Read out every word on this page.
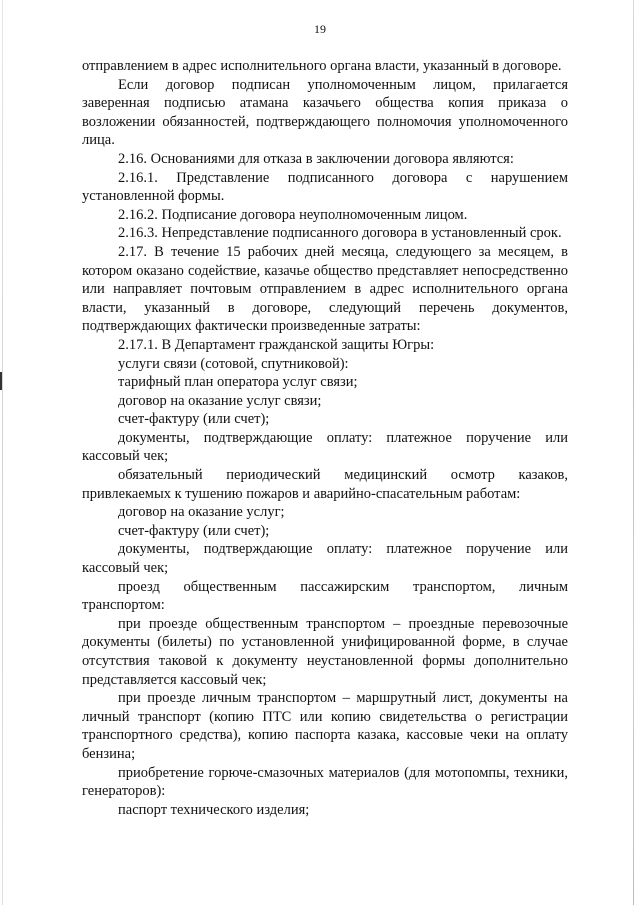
19

отправлением в адрес исполнительного органа власти, указанный в договоре.

Если договор подписан уполномоченным лицом, прилагается заверенная подписью атамана казачьего общества копия приказа о возложении обязанностей, подтверждающего полномочия уполномоченного лица.

2.16. Основаниями для отказа в заключении договора являются:

2.16.1. Представление подписанного договора с нарушением установленной формы.

2.16.2. Подписание договора неуполномоченным лицом.

2.16.3. Непредставление подписанного договора в установленный срок.

2.17. В течение 15 рабочих дней месяца, следующего за месяцем, в котором оказано содействие, казачье общество представляет непосредственно или направляет почтовым отправлением в адрес исполнительного органа власти, указанный в договоре, следующий перечень документов, подтверждающих фактически произведенные затраты:

2.17.1. В Департамент гражданской защиты Югры:

услуги связи (сотовой, спутниковой):

тарифный план оператора услуг связи;

договор на оказание услуг связи;

счет-фактуру (или счет);

документы, подтверждающие оплату: платежное поручение или кассовый чек;

обязательный периодический медицинский осмотр казаков, привлекаемых к тушению пожаров и аварийно-спасательным работам:

договор на оказание услуг;

счет-фактуру (или счет);

документы, подтверждающие оплату: платежное поручение или кассовый чек;

проезд общественным пассажирским транспортом, личным транспортом:

при проезде общественным транспортом – проездные перевозочные документы (билеты) по установленной унифицированной форме, в случае отсутствия таковой к документу неустановленной формы дополнительно представляется кассовый чек;

при проезде личным транспортом – маршрутный лист, документы на личный транспорт (копию ПТС или копию свидетельства о регистрации транспортного средства), копию паспорта казака, кассовые чеки на оплату бензина;

приобретение горюче-смазочных материалов (для мотопомпы, техники, генераторов):

паспорт технического изделия;
